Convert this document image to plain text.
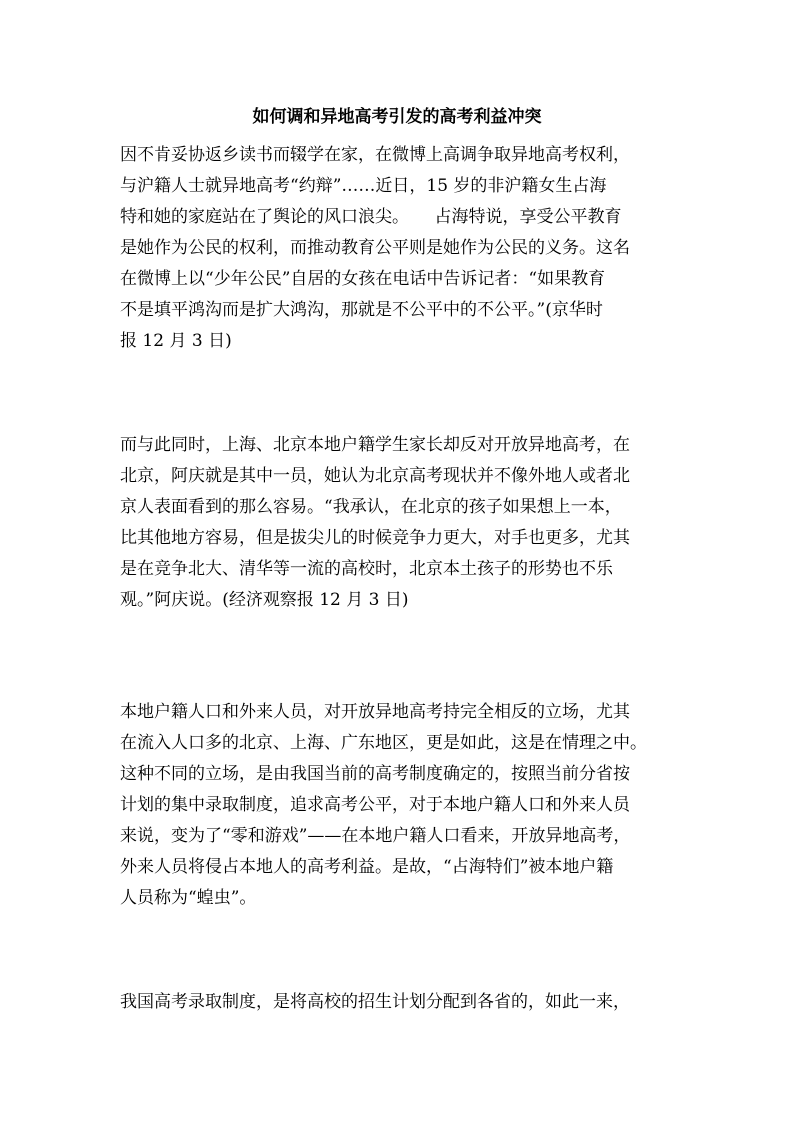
如何调和异地高考引发的高考利益冲突
因不肯妥协返乡读书而辍学在家，在微博上高调争取异地高考权利，
与沪籍人士就异地高考“约辩”……近日，15 岁的非沪籍女生占海
特和她的家庭站在了舆论的风口浪尖。　　占海特说，享受公平教育
是她作为公民的权利，而推动教育公平则是她作为公民的义务。这名
在微博上以“少年公民”自居的女孩在电话中告诉记者：“如果教育
不是填平鸿沟而是扩大鸿沟，那就是不公平中的不公平。”(京华时
报 12 月 3 日)
而与此同时，上海、北京本地户籍学生家长却反对开放异地高考，在
北京，阿庆就是其中一员，她认为北京高考现状并不像外地人或者北
京人表面看到的那么容易。“我承认，在北京的孩子如果想上一本，
比其他地方容易，但是拔尖儿的时候竞争力更大，对手也更多，尤其
是在竞争北大、清华等一流的高校时，北京本土孩子的形势也不乐
观。”阿庆说。(经济观察报 12 月 3 日)
本地户籍人口和外来人员，对开放异地高考持完全相反的立场，尤其
在流入人口多的北京、上海、广东地区，更是如此，这是在情理之中。
这种不同的立场，是由我国当前的高考制度确定的，按照当前分省按
计划的集中录取制度，追求高考公平，对于本地户籍人口和外来人员
来说，变为了“零和游戏”——在本地户籍人口看来，开放异地高考，
外来人员将侵占本地人的高考利益。是故，“占海特们”被本地户籍
人员称为“蝗虫”。
我国高考录取制度，是将高校的招生计划分配到各省的，如此一来，
